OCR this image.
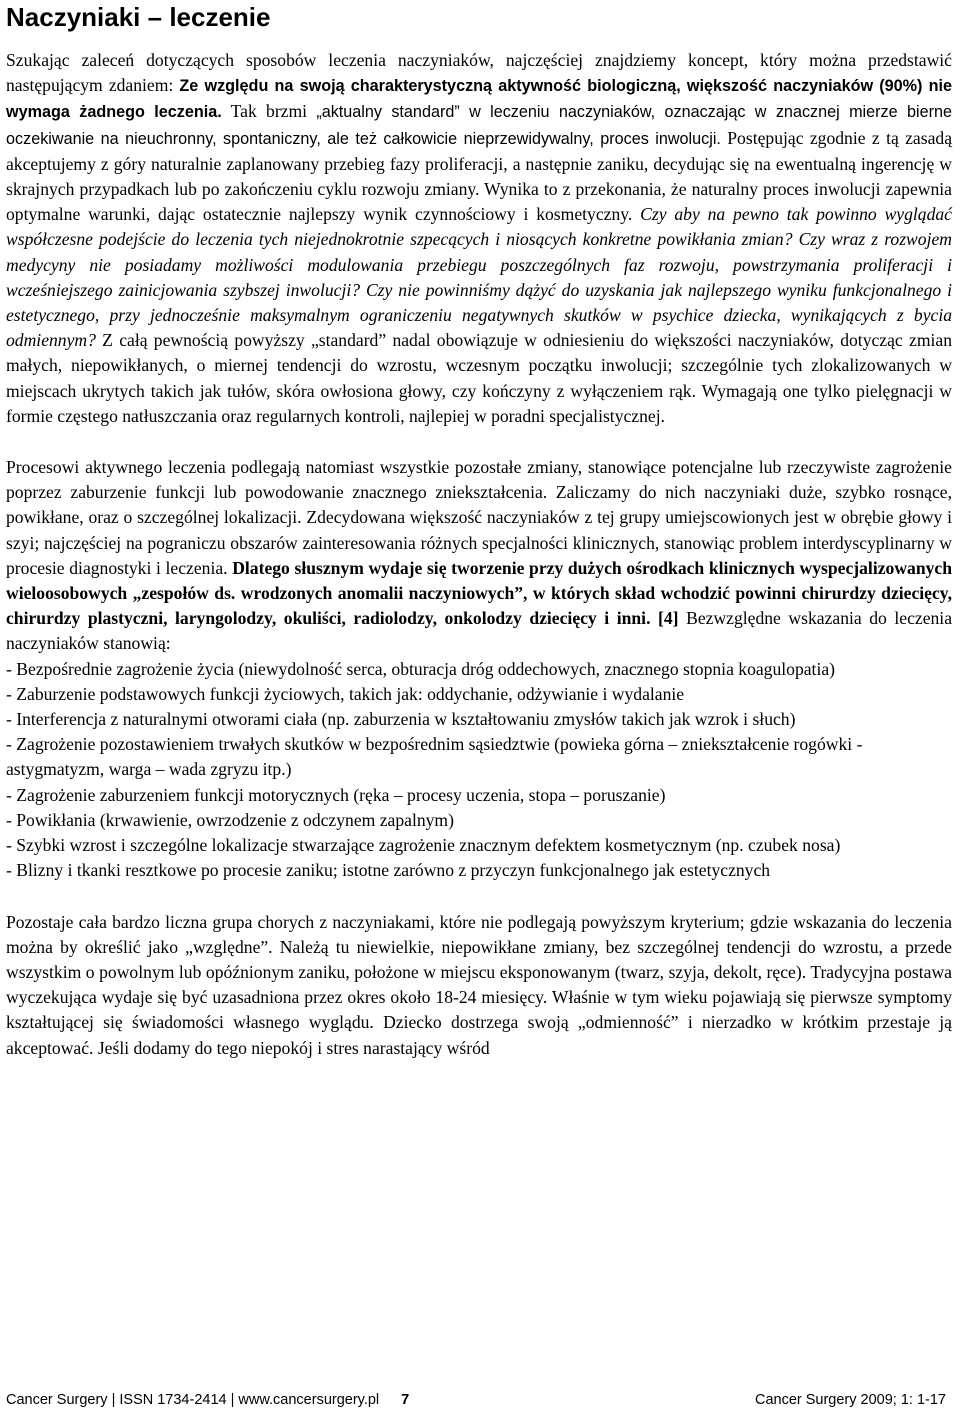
Naczyniaki – leczenie

Szukając zaleceń dotyczących sposobów leczenia naczyniaków, najczęściej znajdziemy koncept, który można przedstawić następującym zdaniem: Ze względu na swoją charakterystyczną aktywność biologiczną, większość naczyniaków (90%) nie wymaga żadnego leczenia. Tak brzmi „aktualny standard” w leczeniu naczyniaków, oznaczając w znacznej mierze bierne oczekiwanie na nieuchronny, spontaniczny, ale też całkowicie nieprzewidywalny, proces inwolucji. Postępując zgodnie z tą zasadą akceptujemy z góry naturalnie zaplanowany przebieg fazy proliferacji, a następnie zaniku, decydując się na ewentualną ingerencję w skrajnych przypadkach lub po zakończeniu cyklu rozwoju zmiany. Wynika to z przekonania, że naturalny proces inwolucji zapewnia optymalne warunki, dając ostatecznie najlepszy wynik czynnościowy i kosmetyczny. Czy aby na pewno tak powinno wyglądać współczesne podejście do leczenia tych niejednokrotnie szpecących i niosących konkretne powikłania zmian? Czy wraz z rozwojem medycyny nie posiadamy możliwości modulowania przebiegu poszczególnych faz rozwoju, powstrzymania proliferacji i wcześniejszego zainicjowania szybszej inwolucji? Czy nie powinniśmy dążyć do uzyskania jak najlepszego wyniku funkcjonalnego i estetycznego, przy jednocześnie maksymalnym ograniczeniu negatywnych skutków w psychice dziecka, wynikających z bycia odmiennym? Z całą pewnością powyższy „standard” nadal obowiązuje w odniesieniu do większości naczyniaków, dotycząc zmian małych, niepowikłanych, o miernej tendencji do wzrostu, wczesnym początku inwolucji; szczególnie tych zlokalizowanych w miejscach ukrytych takich jak tułów, skóra owłosiona głowy, czy kończyny z wyłączeniem rąk. Wymagają one tylko pielęgnacji w formie częstego natłuszczania oraz regularnych kontroli, najlepiej w poradni specjalistycznej.

Procesowi aktywnego leczenia podlegają natomiast wszystkie pozostałe zmiany, stanowiące potencjalne lub rzeczywiste zagrożenie poprzez zaburzenie funkcji lub powodowanie znacznego zniekształcenia. Zaliczamy do nich naczyniaki duże, szybko rosnące, powikłane, oraz o szczególnej lokalizacji. Zdecydowana większość naczyniaków z tej grupy umiejscowionych jest w obrębie głowy i szyi; najczęściej na pograniczu obszarów zainteresowania różnych specjalności klinicznych, stanowiąc problem interdyscyplinarny w procesie diagnostyki i leczenia. Dlatego słusznym wydaje się tworzenie przy dużych ośrodkach klinicznych wyspecjalizowanych wieloosobowych „zespołów ds. wrodzonych anomalii naczyniowych”, w których skład wchodzić powinni chirurdzy dziecięcy, chirurdzy plastyczni, laryngolodzy, okuliści, radiolodzy, onkolodzy dziecięcy i inni. [4] Bezwzględne wskazania do leczenia naczyniaków stanowią:
- Bezpośrednie zagrożenie życia (niewydolność serca, obturacja dróg oddechowych, znacznego stopnia koagulopatia)
- Zaburzenie podstawowych funkcji życiowych, takich jak: oddychanie, odżywianie i wydalanie
- Interferencja z naturalnymi otworami ciała (np. zaburzenia w kształtowaniu zmysłów takich jak wzrok i słuch)
- Zagrożenie pozostawieniem trwałych skutków w bezpośrednim sąsiedztwie (powieka górna – zniekształcenie rogówki - astygmatyzm, warga – wada zgryzu itp.)
- Zagrożenie zaburzeniem funkcji motorycznych (ręka – procesy uczenia, stopa – poruszanie)
- Powikłania (krwawienie, owrzodzenie z odczynem zapalnym)
- Szybki wzrost i szczególne lokalizacje stwarzające zagrożenie znacznym defektem kosmetycznym (np. czubek nosa)
- Blizny i tkanki resztkowe po procesie zaniku; istotne zarówno z przyczyn funkcjonalnego jak estetycznych

Pozostaje cała bardzo liczna grupa chorych z naczyniakami, które nie podlegają powyższym kryterium; gdzie wskazania do leczenia można by określić jako „względne”. Należą tu niewielkie, niepowikłane zmiany, bez szczególnej tendencji do wzrostu, a przede wszystkim o powolnym lub opóźnionym zaniku, położone w miejscu eksponowanym (twarz, szyja, dekolt, ręce). Tradycyjna postawa wyczekująca wydaje się być uzasadniona przez okres około 18-24 miesięcy. Właśnie w tym wieku pojawiają się pierwsze symptomy kształtującej się świadomości własnego wyglądu. Dziecko dostrzega swoją „odmienność” i nierzadko w krótkim przestaje ją akceptować. Jeśli dodamy do tego niepokój i stres narastający wśród

Cancer Surgery | ISSN 1734-2414 | www.cancersurgery.pl 7	Cancer Surgery 2009; 1: 1-17
